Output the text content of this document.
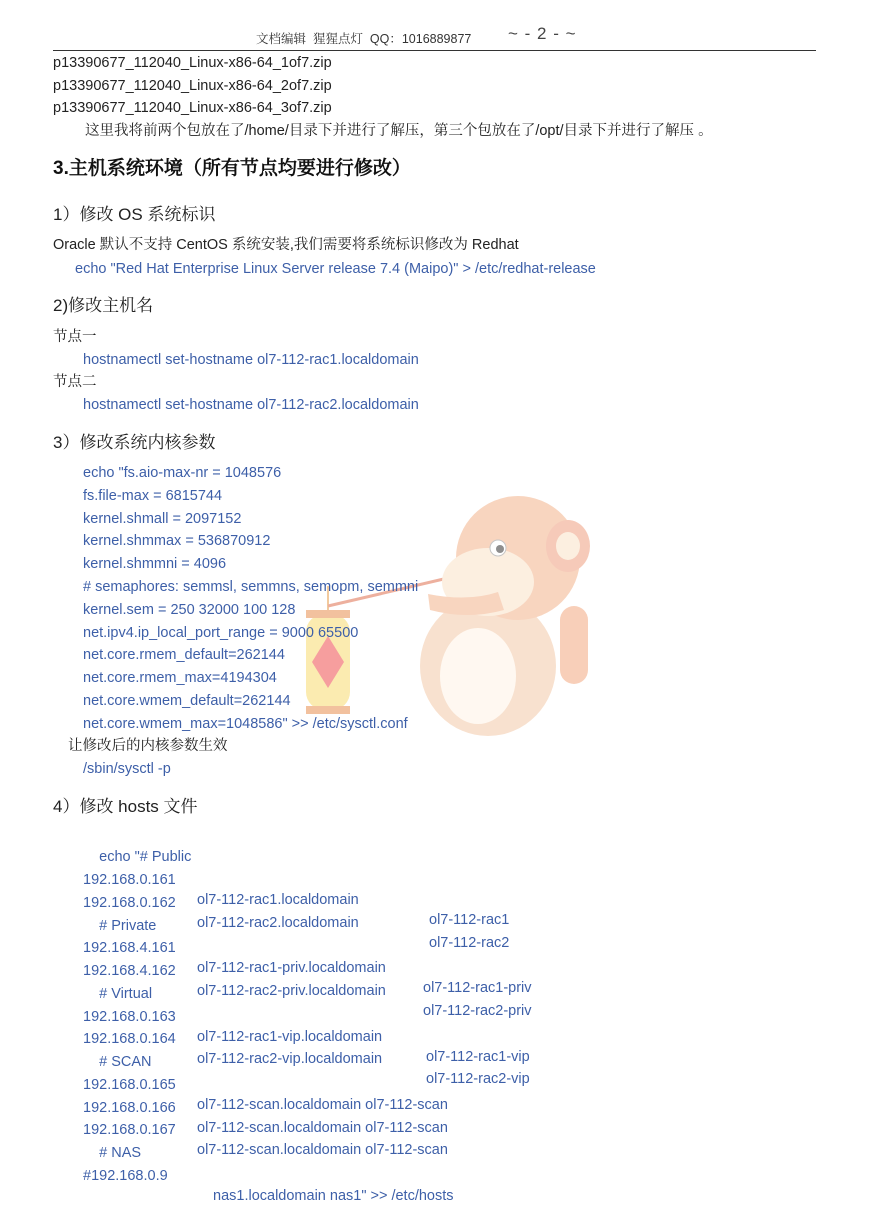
文档编辑  猩猩点灯  QQ：1016889877 ~ - 2 - ~
p13390677_112040_Linux-x86-64_1of7.zip
p13390677_112040_Linux-x86-64_2of7.zip
p13390677_112040_Linux-x86-64_3of7.zip
这里我将前两个包放在了/home/目录下并进行了解压，第三个包放在了/opt/目录下并进行了解压 。
3.主机系统环境（所有节点均要进行修改）
1）修改 OS 系统标识
Oracle 默认不支持 CentOS 系统安装,我们需要将系统标识修改为 Redhat
echo "Red Hat Enterprise Linux Server release 7.4 (Maipo)" > /etc/redhat-release
2)修改主机名
节点一
hostnamectl set-hostname ol7-112-rac1.localdomain
节点二
hostnamectl set-hostname ol7-112-rac2.localdomain
3）修改系统内核参数
echo "fs.aio-max-nr = 1048576
fs.file-max = 6815744
kernel.shmall = 2097152
kernel.shmmax = 536870912
kernel.shmmni = 4096
# semaphores: semmsl, semmns, semopm, semmni
kernel.sem = 250 32000 100 128
net.ipv4.ip_local_port_range = 9000 65500
net.core.rmem_default=262144
net.core.rmem_max=4194304
net.core.wmem_default=262144
net.core.wmem_max=1048586" >> /etc/sysctl.conf
让修改后的内核参数生效
/sbin/sysctl -p
4）修改 hosts 文件

echo "# Public

192.168.0.161

ol7-112-rac1.localdomain

ol7-112-rac1

192.168.0.162

ol7-112-rac2.localdomain

ol7-112-rac2

# Private

192.168.4.161

ol7-112-rac1-priv.localdomain

ol7-112-rac1-priv

192.168.4.162

ol7-112-rac2-priv.localdomain

ol7-112-rac2-priv

# Virtual

192.168.0.163

ol7-112-rac1-vip.localdomain

ol7-112-rac1-vip

192.168.0.164

ol7-112-rac2-vip.localdomain

ol7-112-rac2-vip

# SCAN

192.168.0.165

ol7-112-scan.localdomain ol7-112-scan

192.168.0.166

ol7-112-scan.localdomain ol7-112-scan

192.168.0.167

ol7-112-scan.localdomain ol7-112-scan

# NAS

#192.168.0.9

nas1.localdomain nas1" >> /etc/hosts
